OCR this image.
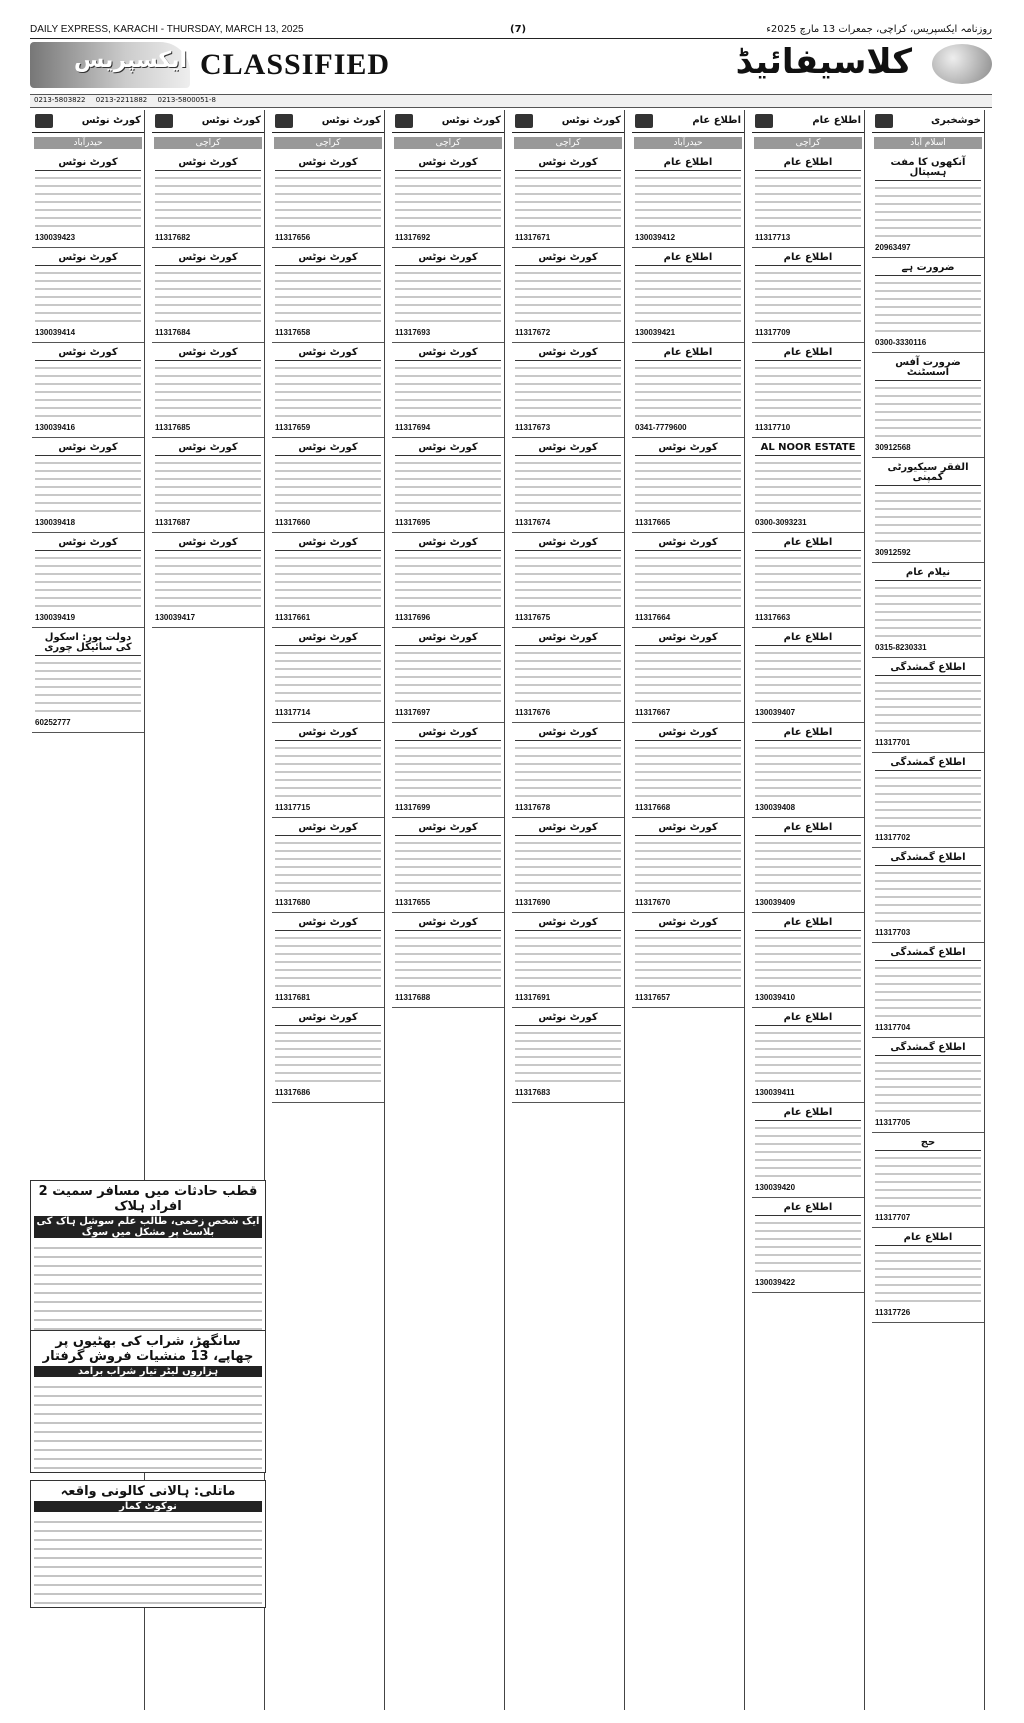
DAILY EXPRESS, KARACHI - THURSDAY, MARCH 13, 2025	(7)	روزنامہ ایکسپریس، کراچی، جمعرات 13 مارچ 2025ء
ایکسپریس CLASSIFIED	کلاسیفائیڈ
0213-5803822 0213-2211882 0213-5800051-8
خوشخبری
اسلام آباد
آنکھوں کا مفت ہسپتال
20963497
ضرورت ہے
0300-3330116
ضرورت آفس اسسٹنٹ
30912568
الفقر سیکیورٹی کمپنی
30912592
نیلام عام
0315-8230331
اطلاع گمشدگی
11317701
اطلاع گمشدگی
11317702
اطلاع گمشدگی
11317703
اطلاع گمشدگی
11317704
اطلاع گمشدگی
11317705
حج
11317707
اطلاع عام
11317726
اطلاع عام
کراچی
اطلاع عام
11317713
اطلاع عام
11317709
اطلاع عام
11317710
AL NOOR ESTATE
0300-3093231
اطلاع عام
11317663
اطلاع عام
130039407
اطلاع عام
130039408
اطلاع عام
130039409
اطلاع عام
130039410
اطلاع عام
130039411
اطلاع عام
130039420
اطلاع عام
130039422
اطلاع عام
حیدرآباد
اطلاع عام
130039412
اطلاع عام
130039421
اطلاع عام
0341-7779600
کورٹ نوٹس
11317665
کورٹ نوٹس
11317664
کورٹ نوٹس
11317667
کورٹ نوٹس
11317668
کورٹ نوٹس
11317670
کورٹ نوٹس
11317657
کورٹ نوٹس
کراچی
کورٹ نوٹس
11317671
کورٹ نوٹس
11317672
کورٹ نوٹس
11317673
کورٹ نوٹس
11317674
کورٹ نوٹس
11317675
کورٹ نوٹس
11317676
کورٹ نوٹس
11317678
کورٹ نوٹس
11317690
کورٹ نوٹس
11317691
کورٹ نوٹس
11317683
کورٹ نوٹس
کراچی
کورٹ نوٹس
11317692
کورٹ نوٹس
11317693
کورٹ نوٹس
11317694
کورٹ نوٹس
11317695
کورٹ نوٹس
11317696
کورٹ نوٹس
11317697
کورٹ نوٹس
11317699
کورٹ نوٹس
11317655
کورٹ نوٹس
11317688
کورٹ نوٹس
کراچی
کورٹ نوٹس
11317656
کورٹ نوٹس
11317658
کورٹ نوٹس
11317659
کورٹ نوٹس
11317660
کورٹ نوٹس
11317661
کورٹ نوٹس
11317714
کورٹ نوٹس
11317715
کورٹ نوٹس
11317680
کورٹ نوٹس
11317681
کورٹ نوٹس
11317686
کورٹ نوٹس
کراچی
کورٹ نوٹس
11317682
کورٹ نوٹس
11317684
کورٹ نوٹس
11317685
کورٹ نوٹس
11317687
کورٹ نوٹس
130039417
کورٹ نوٹس
حیدرآباد
کورٹ نوٹس
130039423
کورٹ نوٹس
130039414
کورٹ نوٹس
130039416
کورٹ نوٹس
130039418
کورٹ نوٹس
130039419
دولت پور: اسکول کی سائیکل چوری
60252777
قطب حادثات میں مسافر سمیت 2 افراد ہلاک
ایک شخص زخمی، طالب علم سوشل ہاک کی بلاسٹ پر مشکل میں سوگ
سانگھڑ، شراب کی بھٹیوں پر چھاپے، 13 منشیات فروش گرفتار
ہزاروں لیٹر تیار شراب برآمد
ماتلی: ہالانی کالونی واقعہ
نوکوٹ کمار
